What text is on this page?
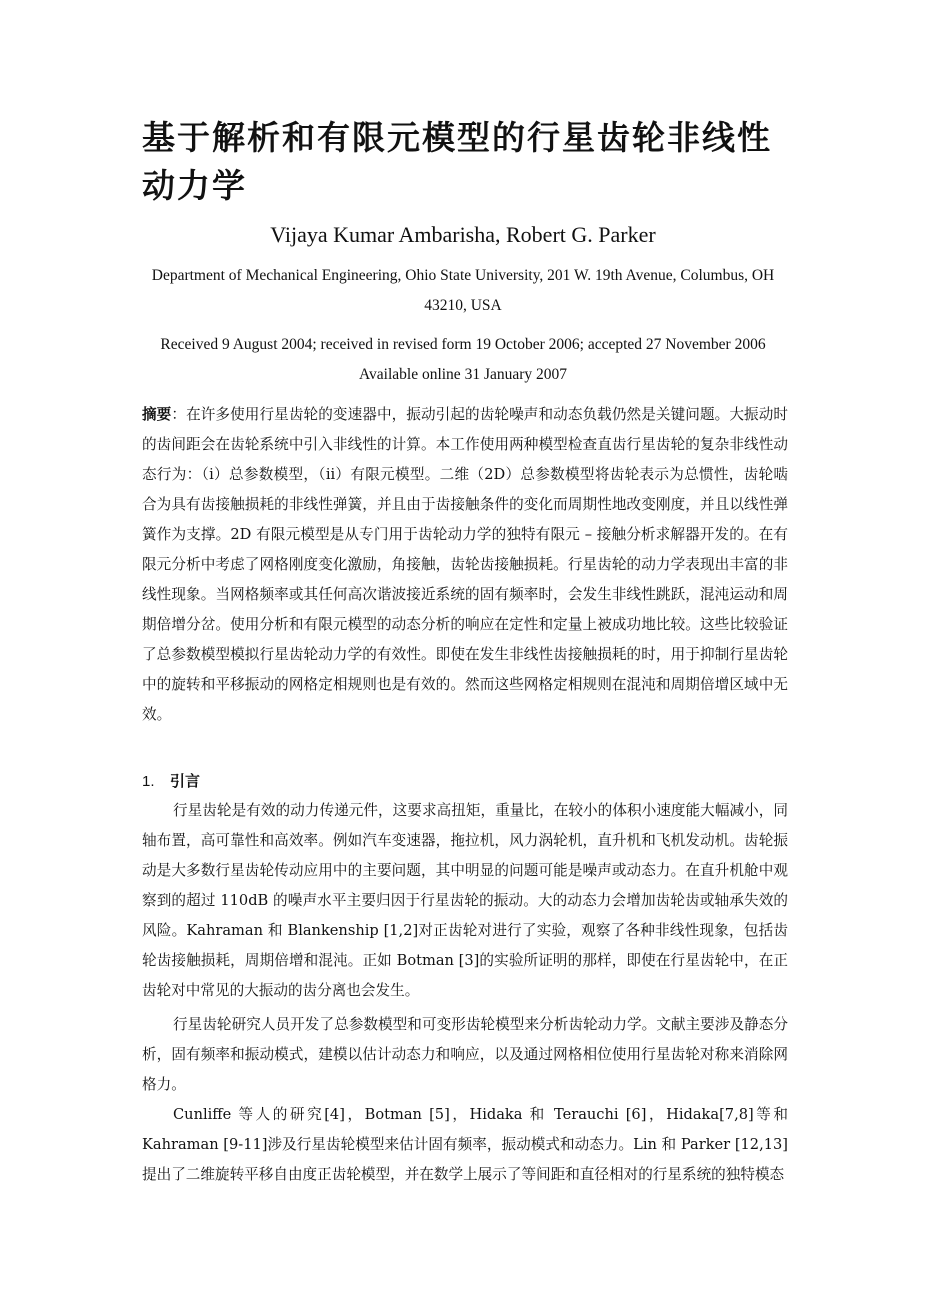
基于解析和有限元模型的行星齿轮非线性动力学
Vijaya Kumar Ambarisha, Robert G. Parker
Department of Mechanical Engineering, Ohio State University, 201 W. 19th Avenue, Columbus, OH 43210, USA
Received 9 August 2004; received in revised form 19 October 2006; accepted 27 November 2006
Available online 31 January 2007

摘要：在许多使用行星齿轮的变速器中，振动引起的齿轮噪声和动态负载仍然是关键问题。大振动时的齿间距会在齿轮系统中引入非线性的计算。本工作使用两种模型检查直齿行星齿轮的复杂非线性动态行为：（i）总参数模型，（ii）有限元模型。二维（2D）总参数模型将齿轮表示为总惯性，齿轮啮合为具有齿接触损耗的非线性弹簧，并且由于齿接触条件的变化而周期性地改变刚度，并且以线性弹簧作为支撑。2D 有限元模型是从专门用于齿轮动力学的独特有限元 – 接触分析求解器开发的。在有限元分析中考虑了网格刚度变化激励，角接触，齿轮齿接触损耗。行星齿轮的动力学表现出丰富的非线性现象。当网格频率或其任何高次谐波接近系统的固有频率时，会发生非线性跳跃，混沌运动和周期倍增分岔。使用分析和有限元模型的动态分析的响应在定性和定量上被成功地比较。这些比较验证了总参数模型模拟行星齿轮动力学的有效性。即使在发生非线性齿接触损耗的时，用于抑制行星齿轮中的旋转和平移振动的网格定相规则也是有效的。然而这些网格定相规则在混沌和周期倍增区域中无效。

1. 引言

行星齿轮是有效的动力传递元件，这要求高扭矩，重量比，在较小的体积小速度能大幅减小，同轴布置，高可靠性和高效率。例如汽车变速器，拖拉机，风力涡轮机，直升机和飞机发动机。齿轮振动是大多数行星齿轮传动应用中的主要问题，其中明显的问题可能是噪声或动态力。在直升机舱中观察到的超过 110dB 的噪声水平主要归因于行星齿轮的振动。大的动态力会增加齿轮齿或轴承失效的风险。Kahraman 和 Blankenship [1,2]对正齿轮对进行了实验，观察了各种非线性现象，包括齿轮齿接触损耗，周期倍增和混沌。正如 Botman [3]的实验所证明的那样，即使在行星齿轮中，在正齿轮对中常见的大振动的齿分离也会发生。

行星齿轮研究人员开发了总参数模型和可变形齿轮模型来分析齿轮动力学。文献主要涉及静态分析，固有频率和振动模式，建模以估计动态力和响应，以及通过网格相位使用行星齿轮对称来消除网格力。

Cunliffe 等人的研究[4]，Botman [5]，Hidaka 和 Terauchi [6]，Hidaka[7,8]等和 Kahraman [9-11]涉及行星齿轮模型来估计固有频率，振动模式和动态力。Lin 和 Parker [12,13]提出了二维旋转平移自由度正齿轮模型，并在数学上展示了等间距和直径相对的行星系统的独特模态
